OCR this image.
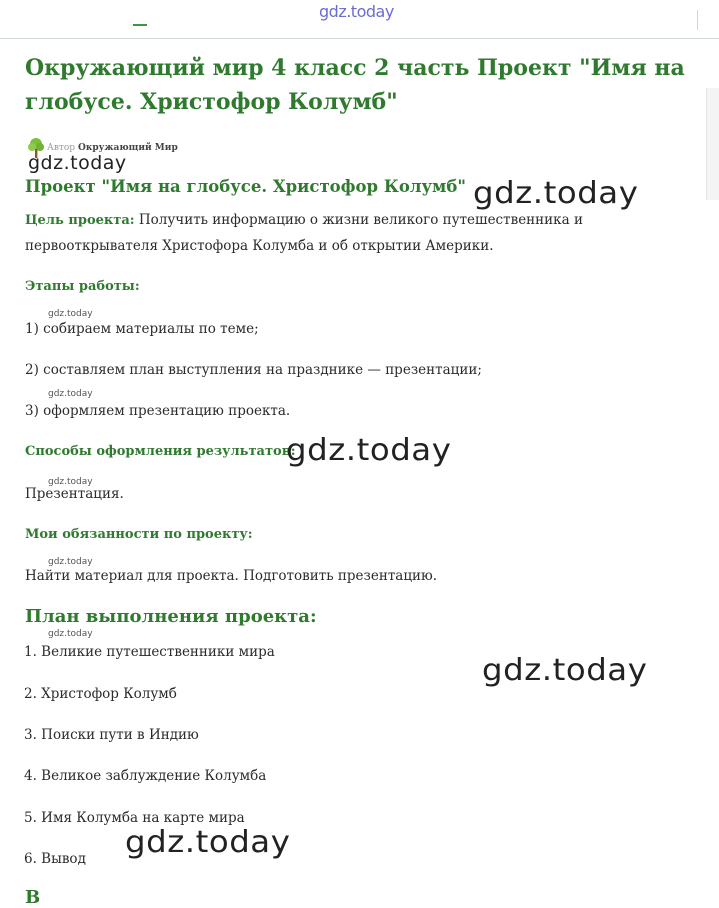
gdz.today
Окружающий мир 4 класс 2 часть Проект "Имя на глобусе. Христофор Колумб"
Автор Окружающий Мир
Проект "Имя на глобусе. Христофор Колумб"

Цель проекта: Получить информацию о жизни великого путешественника и

первооткрывателя Христофора Колумба и об открытии Америки.

Этапы работы:

1) собираем материалы по теме;

2) составляем план выступления на празднике — презентации;

3) оформляем презентацию проекта.

Способы оформления результатов:

Презентация.

Мои обязанности по проекту:

Найти материал для проекта. Подготовить презентацию.

План выполнения проекта:

1. Великие путешественники мира

2. Христофор Колумб

3. Поиски пути в Индию

4. Великое заблуждение Колумба

5. Имя Колумба на карте мира

6. Вывод

В
gdz.today
gdz.today
gdz.today
gdz.today
gdz.today
gdz.today
gdz.today
gdz.today
gdz.today
gdz.today
